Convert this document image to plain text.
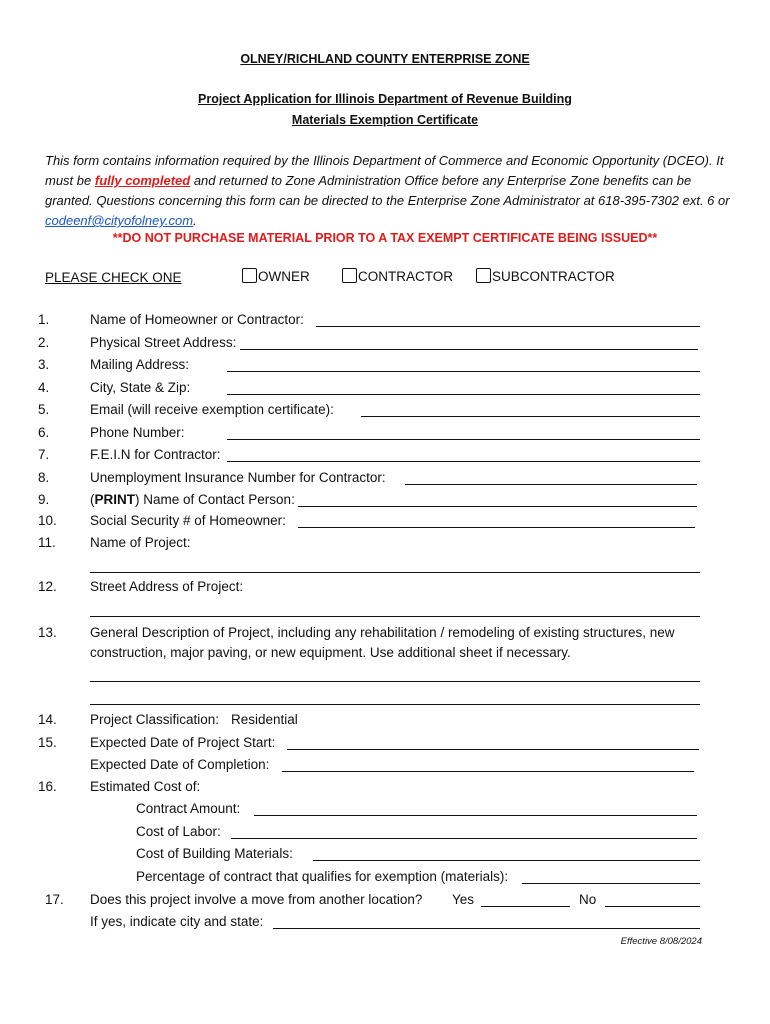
OLNEY/RICHLAND COUNTY ENTERPRISE ZONE
Project Application for Illinois Department of Revenue Building
Materials Exemption Certificate
This form contains information required by the Illinois Department of Commerce and Economic Opportunity (DCEO). It must be fully completed and returned to Zone Administration Office before any Enterprise Zone benefits can be granted. Questions concerning this form can be directed to the Enterprise Zone Administrator at 618-395-7302 ext. 6 or codeenf@cityofolney.com.
**DO NOT PURCHASE MATERIAL PRIOR TO A TAX EXEMPT CERTIFICATE BEING ISSUED**
PLEASE CHECK ONE	OWNER	CONTRACTOR	SUBCONTRACTOR
1.	Name of Homeowner or Contractor:
2.	Physical Street Address:
3.	Mailing Address:
4.	City, State & Zip:
5.	Email (will receive exemption certificate):
6.	Phone Number:
7.	F.E.I.N for Contractor:
8.	Unemployment Insurance Number for Contractor:
9.	(PRINT) Name of Contact Person:
10. Social Security # of Homeowner:
11.	Name of Project:
12. Street Address of Project:
13. General Description of Project, including any rehabilitation / remodeling of existing structures, new
construction, major paving, or new equipment. Use additional sheet if necessary.
14. Project Classification: Residential
15. Expected Date of Project Start:
Expected Date of Completion:
16. Estimated Cost of:
Contract Amount:
Cost of Labor:
Cost of Building Materials:
Percentage of contract that qualifies for exemption (materials):
17. Does this project involve a move from another location? Yes	No
If yes, indicate city and state:
Effective 8/08/2024
